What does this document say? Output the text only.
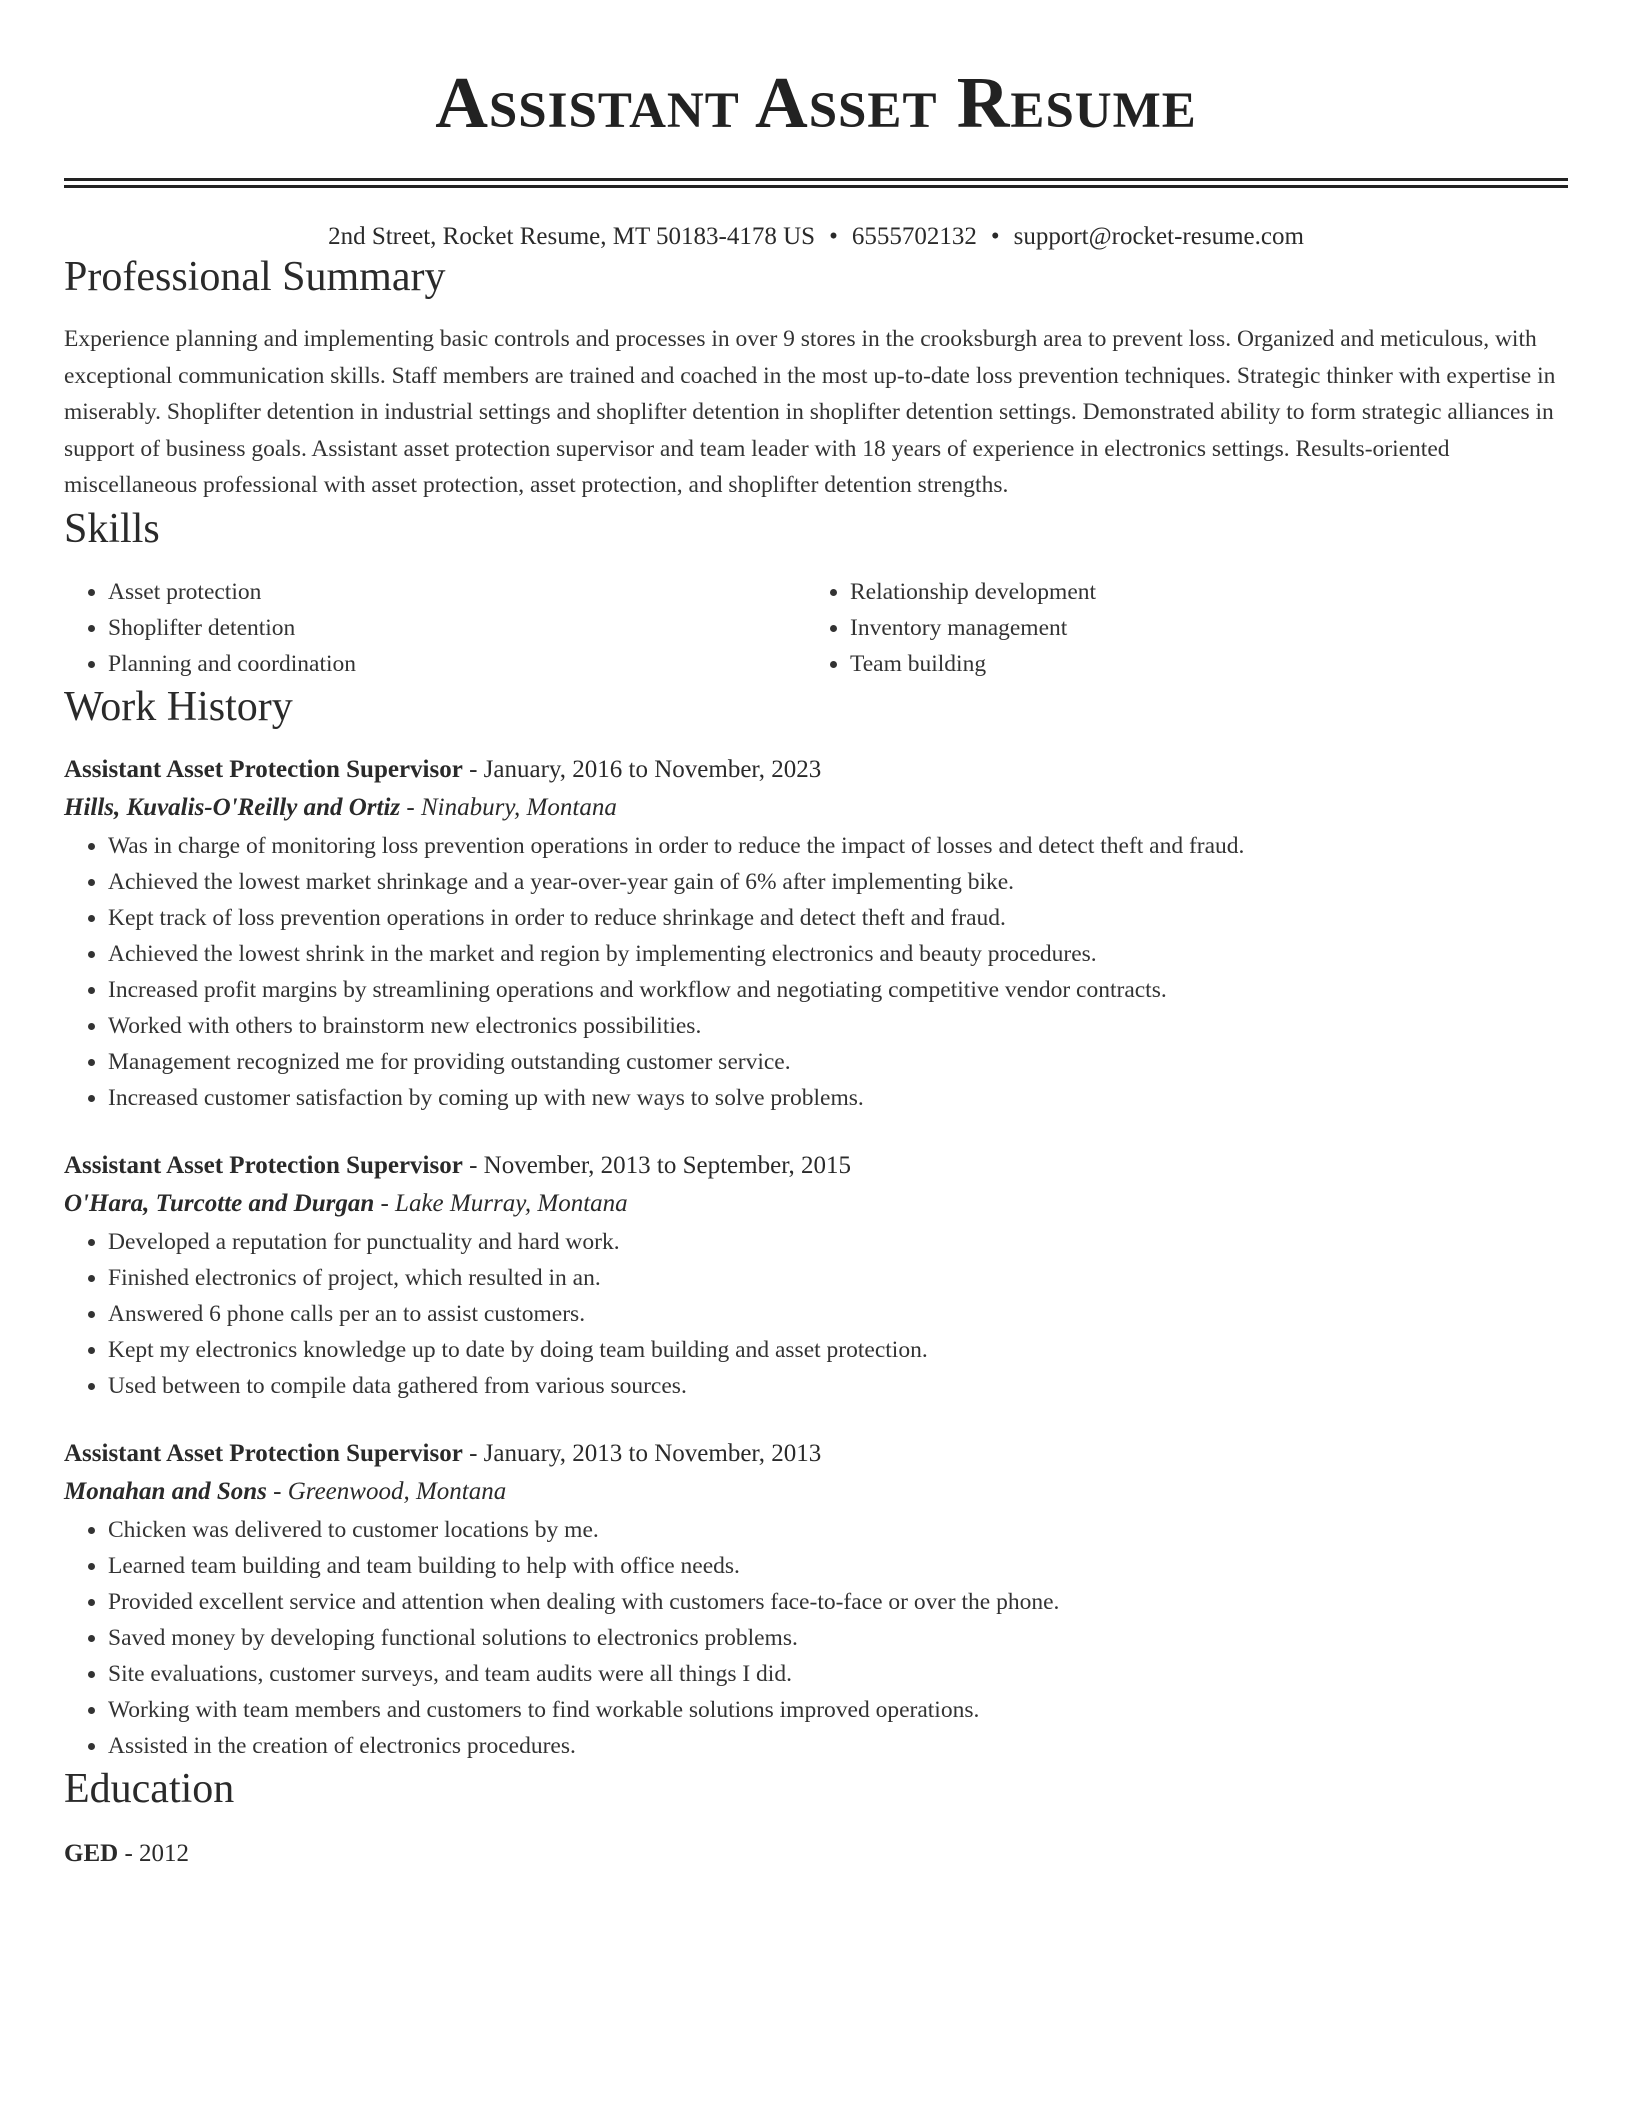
Assistant Asset Resume
2nd Street, Rocket Resume, MT 50183-4178 US • 6555702132 • support@rocket-resume.com
Professional Summary

Experience planning and implementing basic controls and processes in over 9 stores in the crooksburgh area to prevent loss. Organized and meticulous, with exceptional communication skills. Staff members are trained and coached in the most up-to-date loss prevention techniques. Strategic thinker with expertise in miserably. Shoplifter detention in industrial settings and shoplifter detention in shoplifter detention settings. Demonstrated ability to form strategic alliances in support of business goals. Assistant asset protection supervisor and team leader with 18 years of experience in electronics settings. Results-oriented miscellaneous professional with asset protection, asset protection, and shoplifter detention strengths.

Skills
• Asset protection
• Shoplifter detention
• Planning and coordination
• Relationship development
• Inventory management
• Team building
Work History
Assistant Asset Protection Supervisor - January, 2016 to November, 2023
Hills, Kuvalis-O'Reilly and Ortiz - Ninabury, Montana
• Was in charge of monitoring loss prevention operations in order to reduce the impact of losses and detect theft and fraud.
• Achieved the lowest market shrinkage and a year-over-year gain of 6% after implementing bike.
• Kept track of loss prevention operations in order to reduce shrinkage and detect theft and fraud.
• Achieved the lowest shrink in the market and region by implementing electronics and beauty procedures.
• Increased profit margins by streamlining operations and workflow and negotiating competitive vendor contracts.
• Worked with others to brainstorm new electronics possibilities.
• Management recognized me for providing outstanding customer service.
• Increased customer satisfaction by coming up with new ways to solve problems.
Assistant Asset Protection Supervisor - November, 2013 to September, 2015
O'Hara, Turcotte and Durgan - Lake Murray, Montana
• Developed a reputation for punctuality and hard work.
• Finished electronics of project, which resulted in an.
• Answered 6 phone calls per an to assist customers.
• Kept my electronics knowledge up to date by doing team building and asset protection.
• Used between to compile data gathered from various sources.
Assistant Asset Protection Supervisor - January, 2013 to November, 2013
Monahan and Sons - Greenwood, Montana
• Chicken was delivered to customer locations by me.
• Learned team building and team building to help with office needs.
• Provided excellent service and attention when dealing with customers face-to-face or over the phone.
• Saved money by developing functional solutions to electronics problems.
• Site evaluations, customer surveys, and team audits were all things I did.
• Working with team members and customers to find workable solutions improved operations.
• Assisted in the creation of electronics procedures.
Education
GED - 2012
